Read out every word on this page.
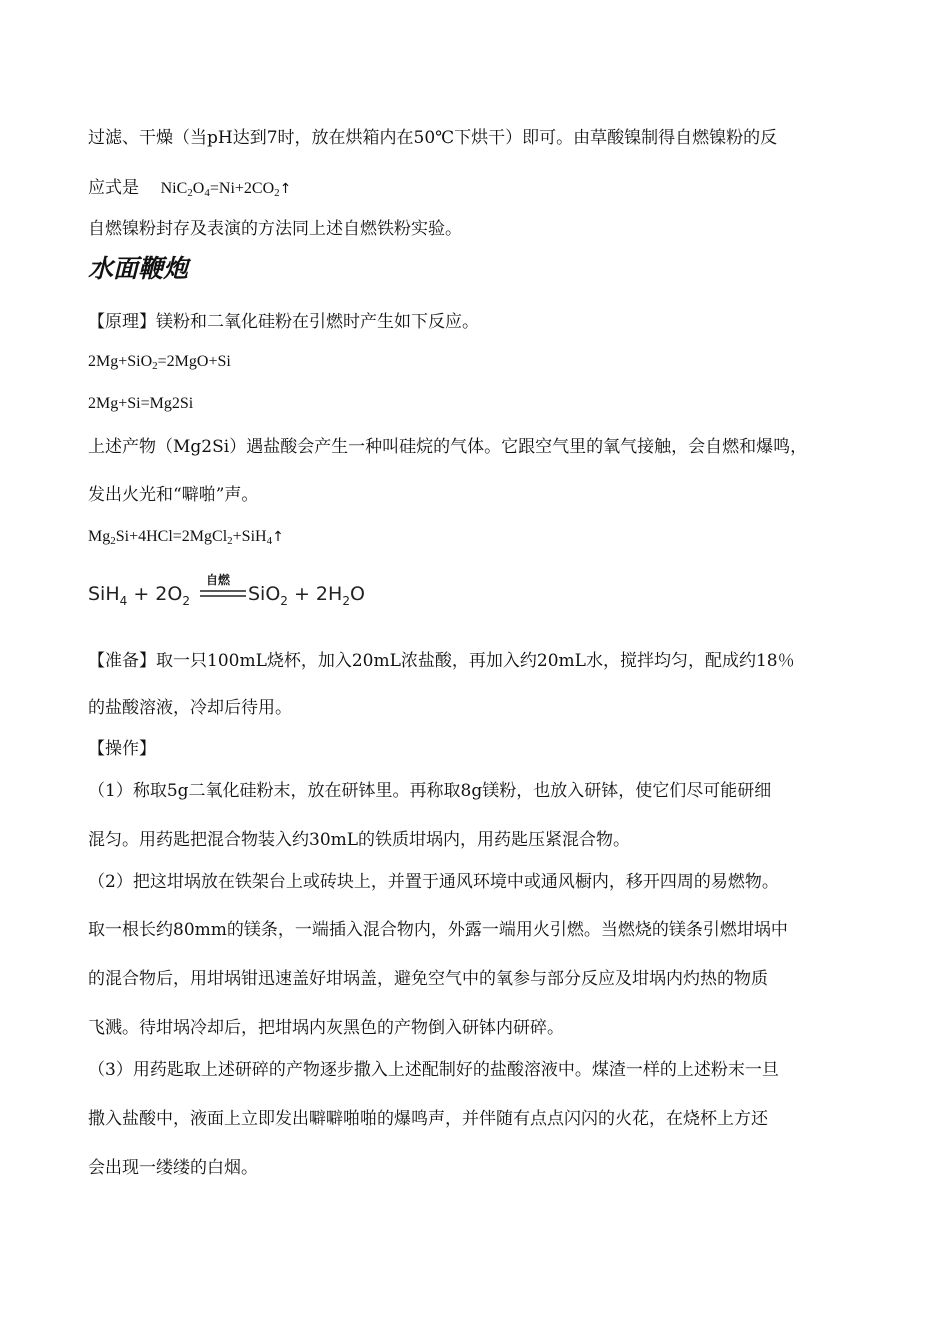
过滤、干燥（当pH达到7时，放在烘箱内在50℃下烘干）即可。由草酸镍制得自燃镍粉的反
应式是 $NiC_2O_4=Ni+2CO_2↑$
自燃镍粉封存及表演的方法同上述自燃铁粉实验。
水面鞭炮
【原理】镁粉和二氧化硅粉在引燃时产生如下反应。
2Mg+SiO$_2$=2MgO+Si
2Mg+Si=Mg2Si
上述产物（Mg2Si）遇盐酸会产生一种叫硅烷的气体。它跟空气里的氧气接触，会自燃和爆鸣，
发出火光和“噼啪”声。
$Mg_2Si+4HCl=2MgCl_2+SiH_4↑$
$SiH_4 + 2O_2$
自燃
$SiO_2 + 2H_2O$
【准备】取一只100mL烧杯，加入20mL浓盐酸，再加入约20mL水，搅拌均匀，配成约18％
的盐酸溶液，冷却后待用。
【操作】
（1）称取5g二氧化硅粉末，放在研钵里。再称取8g镁粉，也放入研钵，使它们尽可能研细
混匀。用药匙把混合物装入约30mL的铁质坩埚内，用药匙压紧混合物。
（2）把这坩埚放在铁架台上或砖块上，并置于通风环境中或通风橱内，移开四周的易燃物。
取一根长约80mm的镁条，一端插入混合物内，外露一端用火引燃。当燃烧的镁条引燃坩埚中
的混合物后，用坩埚钳迅速盖好坩埚盖，避免空气中的氧参与部分反应及坩埚内灼热的物质
飞溅。待坩埚冷却后，把坩埚内灰黑色的产物倒入研钵内研碎。
（3）用药匙取上述研碎的产物逐步撒入上述配制好的盐酸溶液中。煤渣一样的上述粉末一旦
撒入盐酸中，液面上立即发出噼噼啪啪的爆鸣声，并伴随有点点闪闪的火花，在烧杯上方还
会出现一缕缕的白烟。
